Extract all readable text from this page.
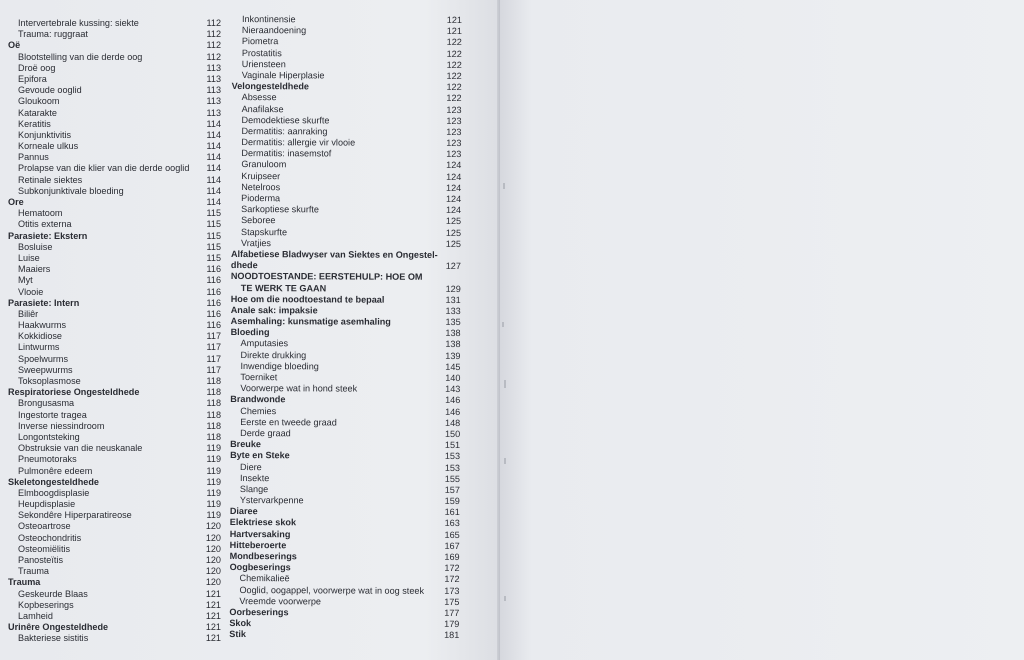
Intervertebrale kussing: siekte	112
Trauma: ruggraat	112
Oë	112
Blootstelling van die derde oog	112
Droë oog	113
Epifora	113
Gevoude ooglid	113
Gloukoom	113
Katarakte	113
Keratitis	114
Konjunktivitis	114
Korneale ulkus	114
Pannus	114
Prolapse van die klier van die derde ooglid 114
Retinale siektes	114
Subkonjunktivale bloeding	114
Ore	114
Hematoom	115
Otitis externa	115
Parasiete: Ekstern	115
Bosluise	115
Luise	115
Maaiers	116
Myt	116
Vlooie	116
Parasiete: Intern	116
Biliêr	116
Haakwurms	116
Kokkidiose	117
Lintwurms	117
Spoelwurms	117
Sweepwurms	117
Toksoplasmose	118
Respiratoriese Ongesteldhede	118
Brongusasma	118
Ingestorte tragea	118
Inverse niessindroom	118
Longontsteking	118
Obstruksie van die neuskanale	119
Pneumotoraks	119
Pulmonêre edeem	119
Skeletongesteldhede	119
Elmboogdisplasie	119
Heupdisplasie	119
Sekondêre Hiperparatireose	119
Osteoartrose	120
Osteochondritis	120
Osteomiëlitis	120
Panosteïtis	120
Trauma	120
Trauma	120
Geskeurde Blaas	121
Kopbeserings	121
Lamheid	121
Urinêre Ongesteldhede	121
Bakteriese sistitis	121
Inkontinensie	121
Nieraandoening	121
Piometra	122
Prostatitis	122
Uriensteen	122
Vaginale Hiperplasie	122
Velongesteldhede	122
Absesse	122
Anafilakse	123
Demodektiese skurfte	123
Dermatitis: aanraking	123
Dermatitis: allergie vir vlooie	123
Dermatitis: inasemstof	123
Granuloom	124
Kruipseer	124
Netelroos	124
Pioderma	124
Sarkoptiese skurfte	124
Seboree	125
Stapskurfte	125
Vratjies	125
Alfabetiese Bladwyser van Siektes en Ongestel-
dhede	127
NOODTOESTANDE: EERSTEHULP: HOE OM
TE WERK TE GAAN	129
Hoe om die noodtoestand te bepaal	131
Anale sak: impaksie	133
Asemhaling: kunsmatige asemhaling	135
Bloeding	138
Amputasies	138
Direkte drukking	139
Inwendige bloeding	145
Toerniket	140
Voorwerpe wat in hond steek	143
Brandwonde	146
Chemies	146
Eerste en tweede graad	148
Derde graad	150
Breuke	151
Byte en Steke	153
Diere	153
Insekte	155
Slange	157
Ystervarkpenne	159
Diaree	161
Elektriese skok	163
Hartversaking	165
Hitteberoerte	167
Mondbeserings	169
Oogbeserings	172
Chemikalieë	172
Ooglid, oogappel, voorwerpe wat in oog steek 173
Vreemde voorwerpe	175
Oorbeserings	177
Skok	179
Stik	181
